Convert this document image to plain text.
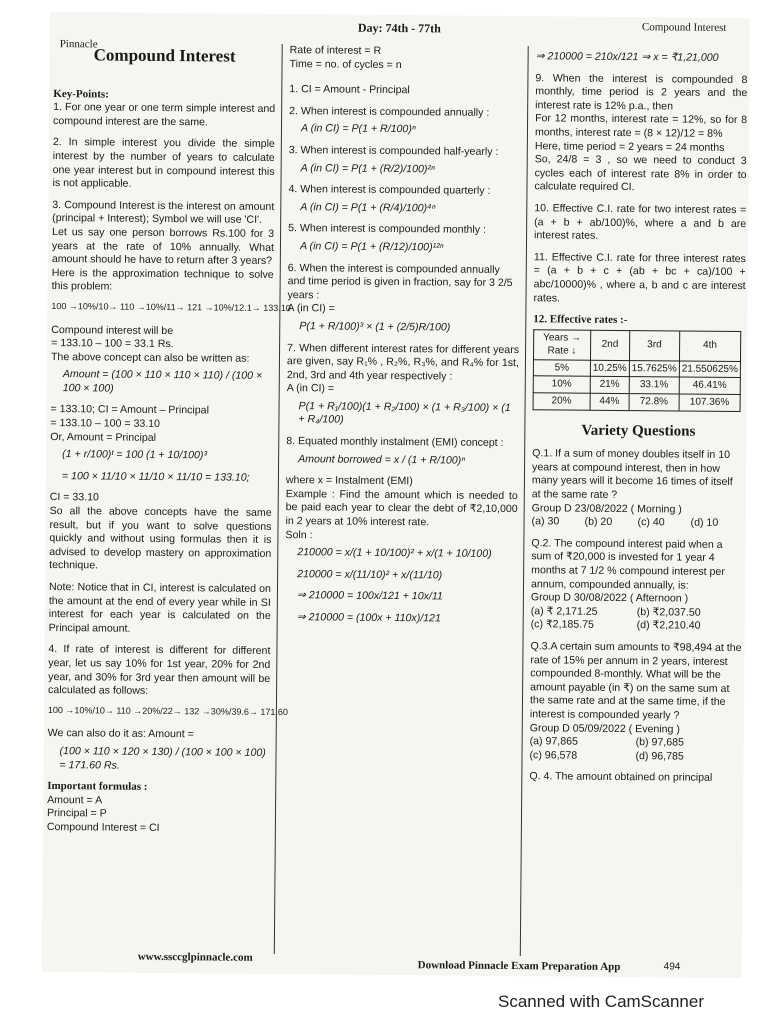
Day: 74th - 77th	Compound Interest
Pinnacle
Compound Interest
Key-Points:

1. For one year or one term simple interest and compound interest are the same.

2. In simple interest you divide the simple interest by the number of years to calculate one year interest but in compound interest this is not applicable.

3. Compound Interest is the interest on amount (principal + Interest); Symbol we will use 'CI'.

Let us say one person borrows Rs.100 for 3 years at the rate of 10% annually. What amount should he have to return after 3 years?

Here is the approximation technique to solve this problem:

100 →10%/10→ 110 →10%/11→ 121 →10%/12.1→ 133.10
Compound interest will be
= 133.10 – 100 = 33.1 Rs.
The above concept can also be written as:
Amount = (100 × 110 × 110 × 110) / (100 × 100 × 100)
= 133.10; CI = Amount – Principal
= 133.10 – 100 = 33.10
Or, Amount = Principal
(1 + r/100)ᵗ = 100 (1 + 10/100)³
= 100 × 11/10 × 11/10 × 11/10 = 133.10;
CI = 33.10

So all the above concepts have the same result, but if you want to solve questions quickly and without using formulas then it is advised to develop mastery on approximation technique.

Note: Notice that in CI, interest is calculated on the amount at the end of every year while in SI interest for each year is calculated on the Principal amount.

4. If rate of interest is different for different year, let us say 10% for 1st year, 20% for 2nd year, and 30% for 3rd year then amount will be calculated as follows:

100 →10%/10→ 110 →20%/22→ 132 →30%/39.6→ 171.60
We can also do it as: Amount =
(100 × 110 × 120 × 130) / (100 × 100 × 100) = 171.60 Rs.
Important formulas :
Amount = A
Principal = P
Compound Interest = CI
Rate of interest = R
Time = no. of cycles = n

1. CI = Amount - Principal

2. When interest is compounded annually :
A (in CI) = P(1 + R/100)ⁿ
3. When interest is compounded half-yearly :
A (in CI) = P(1 + (R/2)/100)²ⁿ
4. When interest is compounded quarterly :
A (in CI) = P(1 + (R/4)/100)⁴ⁿ
5. When interest is compounded monthly :
A (in CI) = P(1 + (R/12)/100)¹²ⁿ
6. When the interest is compounded annually and time period is given in fraction, say for 3 2/5 years :
A (in CI) =
P(1 + R/100)³ × (1 + (2/5)R/100)

7. When different interest rates for different years are given, say R₁% , R₂%, R₃%, and R₄% for 1st, 2nd, 3rd and 4th year respectively :

A (in CI) =
P(1 + R₁/100)(1 + R₂/100) × (1 + R₃/100) × (1 + R₄/100)
8. Equated monthly instalment (EMI) concept :
Amount borrowed = x / (1 + R/100)ⁿ
where x = Instalment (EMI)

Example : Find the amount which is needed to be paid each year to clear the debt of ₹2,10,000 in 2 years at 10% interest rate.

Soln :
210000 = x/(1 + 10/100)² + x/(1 + 10/100)
210000 = x/(11/10)² + x/(11/10)
⇒ 210000 = 100x/121 + 10x/11
⇒ 210000 = (100x + 110x)/121
⇒ 210000 = 210x/121 ⇒ x = ₹1,21,000

9. When the interest is compounded 8 monthly, time period is 2 years and the interest rate is 12% p.a., then

For 12 months, interest rate = 12%, so for 8 months, interest rate = (8 × 12)/12 = 8%

Here, time period = 2 years = 24 months

So, 24/8 = 3 , so we need to conduct 3 cycles each of interest rate 8% in order to calculate required CI.

10. Effective C.I. rate for two interest rates = (a + b + ab/100)%, where a and b are interest rates.

11. Effective C.I. rate for three interest rates = (a + b + c + (ab + bc + ca)/100 + abc/10000)% , where a, b and c are interest rates.

12. Effective rates :-
Years → Rate ↓	2nd	3rd	4th
5%	10.25%	15.7625%	21.550625%
10%	21%	33.1%	46.41%
20%	44%	72.8%	107.36%
Variety Questions
Q.1. If a sum of money doubles itself in 10 years at compound interest, then in how many years will it become 16 times of itself at the same rate ?
Group D 23/08/2022 ( Morning )
(a) 30	(b) 20	(c) 40	(d) 10
Q.2. The compound interest paid when a sum of ₹20,000 is invested for 1 year 4 months at 7 1/2 % compound interest per annum, compounded annually, is:
Group D 30/08/2022 ( Afternoon )
(a) ₹ 2,171.25	(b) ₹2,037.50
(c) ₹2,185.75	(d) ₹2,210.40
Q.3.A certain sum amounts to ₹98,494 at the rate of 15% per annum in 2 years, interest compounded 8-monthly. What will be the amount payable (in ₹) on the same sum at the same rate and at the same time, if the interest is compounded yearly ?
Group D 05/09/2022 ( Evening )
(a) 97,865	(b) 97,685
(c) 96,578	(d) 96,785
Q. 4. The amount obtained on principal
www.ssccglpinnacle.com
Download Pinnacle Exam Preparation App	494
Scanned with CamScanner
